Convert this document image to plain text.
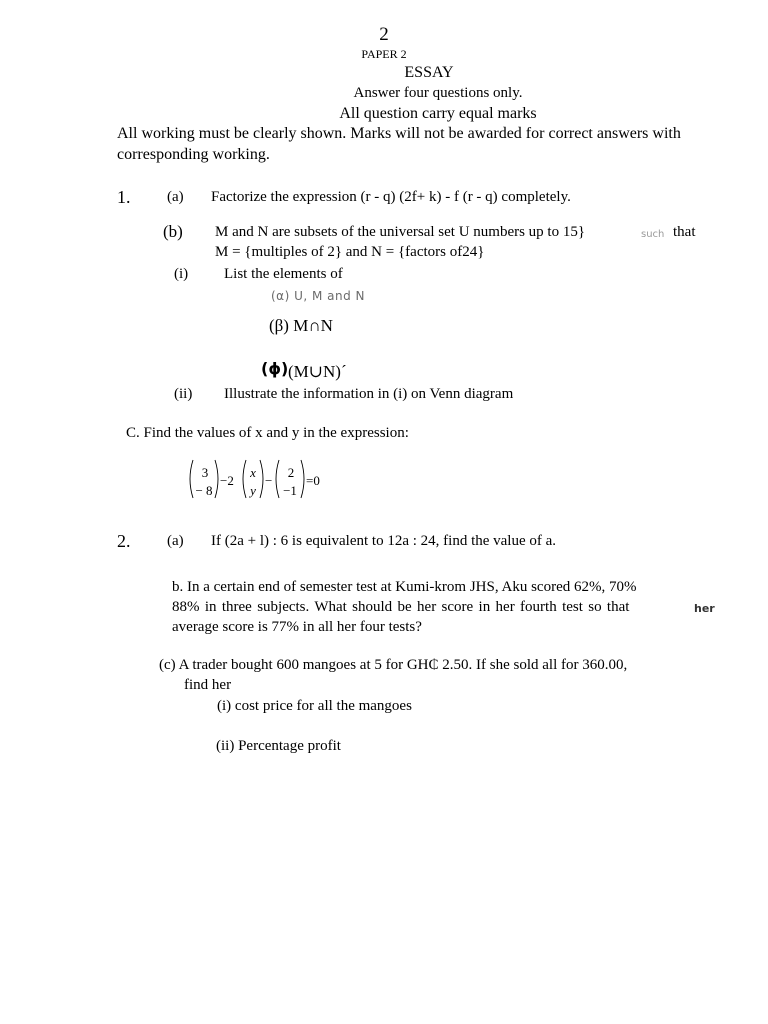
2
PAPER 2
ESSAY
Answer four questions only.
All question carry equal marks
All working must be clearly shown. Marks will not be awarded for correct answers with
corresponding working.
1. (a) Factorize the expression (r - q) (2f+ k) - f (r - q) completely.
(b) M and N are subsets of the universal set U numbers up to 15}	such that
M = {multiples of 2} and N = {factors of24}
(i) List the elements of
(α) U, M and N
(β) M∩N
(ϕ) (M∪N)´
(ii) Illustrate the information in (i) on Venn diagram
C. Find the values of x and y in the expression:
3
− 8
−2
x
y
−
2
−1
=0
2. (a) If (2a + l) : 6 is equivalent to 12a : 24, find the value of a.
b. In a certain end of semester test at Kumi-krom JHS, Aku scored 62%, 70%
88% in three subjects. What should be her score in her fourth test so that	her
average score is 77% in all her four tests?
(c) A trader bought 600 mangoes at 5 for GH₵ 2.50. If she sold all for 360.00,
find her
(i) cost price for all the mangoes
(ii) Percentage profit
